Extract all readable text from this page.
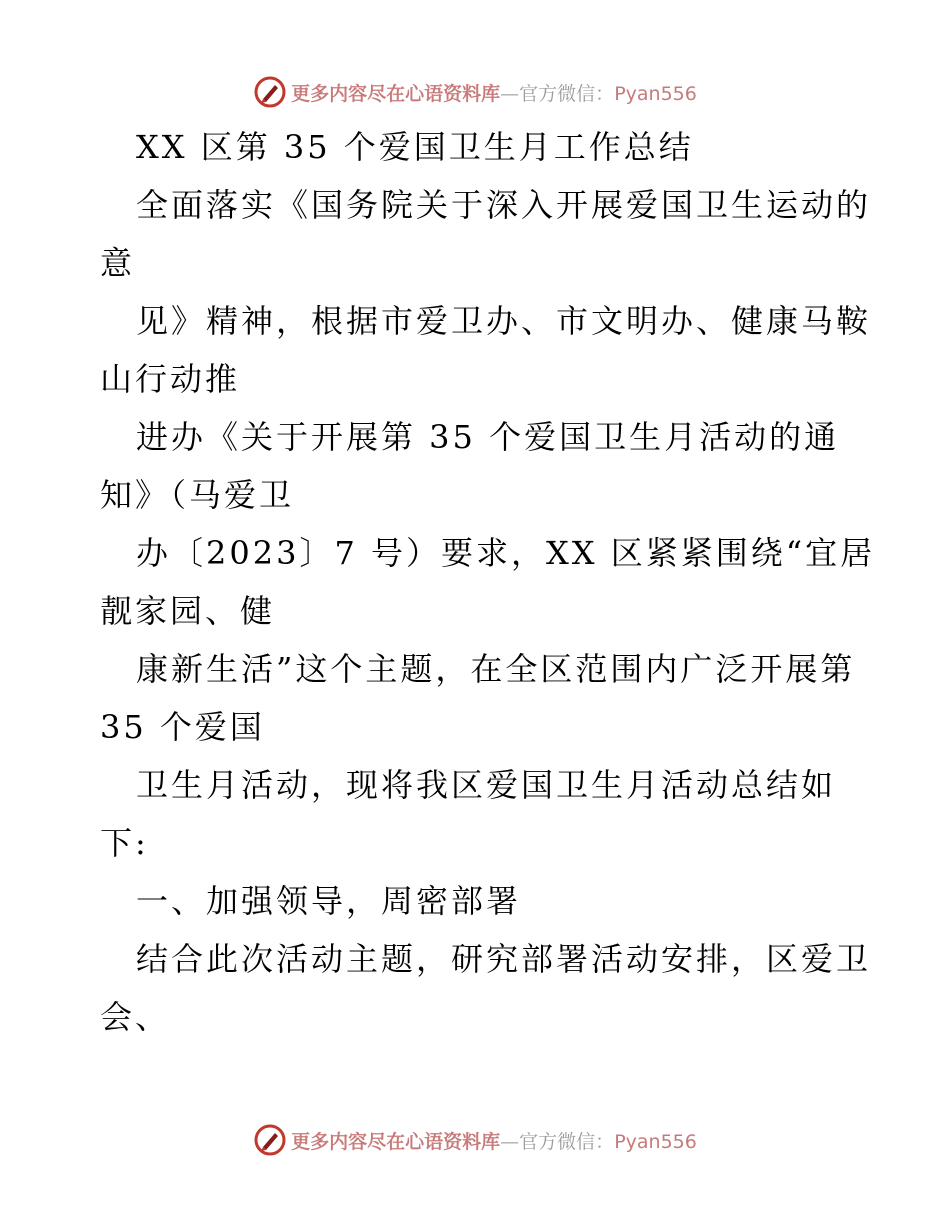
更多内容尽在心语资料库—官方微信：Pyan556
XX 区第 35 个爱国卫生月工作总结
全面落实《国务院关于深入开展爱国卫生运动的
意
见》精神，根据市爱卫办、市文明办、健康马鞍
山行动推
进办《关于开展第 35 个爱国卫生月活动的通
知》（马爱卫
办〔2023〕7 号）要求，XX 区紧紧围绕“宜居
靓家园、健
康新生活”这个主题，在全区范围内广泛开展第
35 个爱国
卫生月活动，现将我区爱国卫生月活动总结如
下:
一、加强领导，周密部署
结合此次活动主题，研究部署活动安排，区爱卫
会、
更多内容尽在心语资料库—官方微信：Pyan556
